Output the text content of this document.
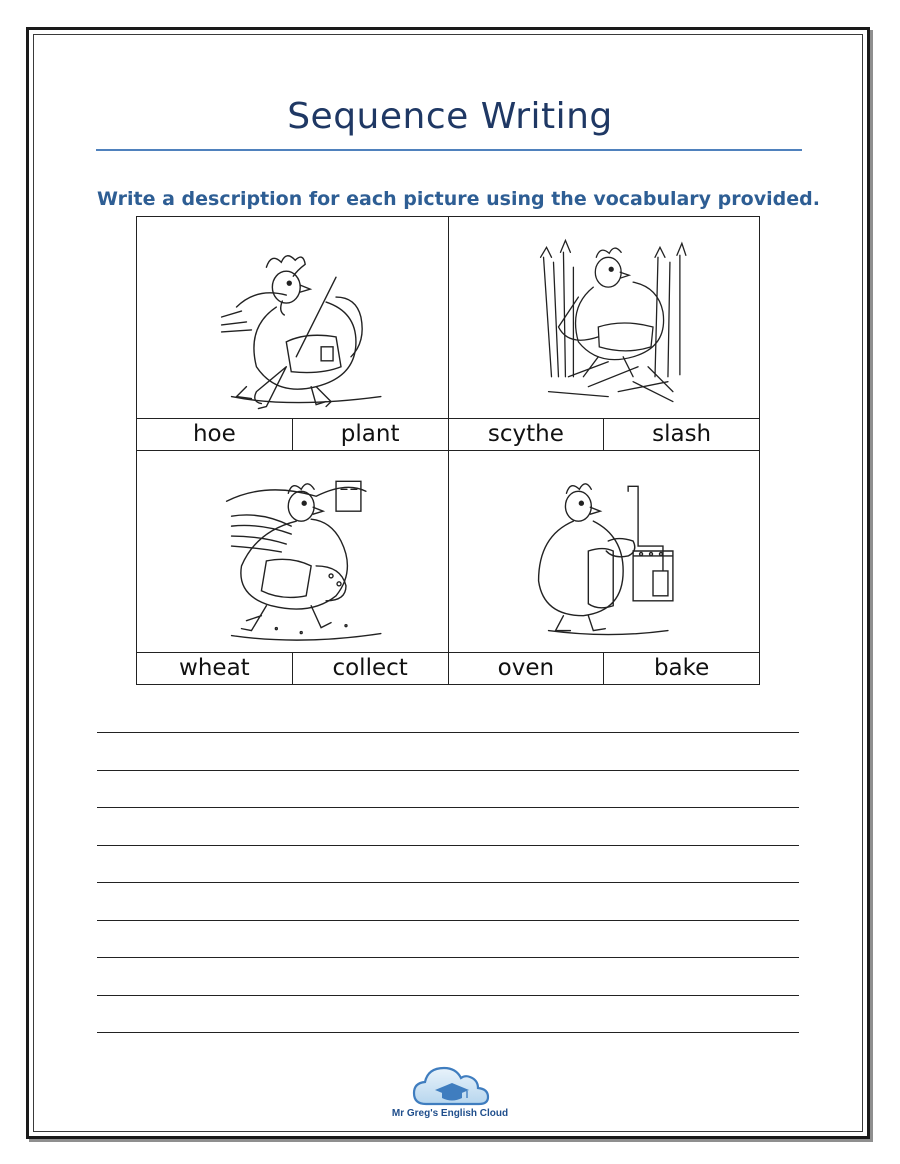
Sequence Writing
Write a description for each picture using the vocabulary provided.

hoe	plant	scythe	slash

wheat	collect	oven	bake
Mr Greg's English Cloud
